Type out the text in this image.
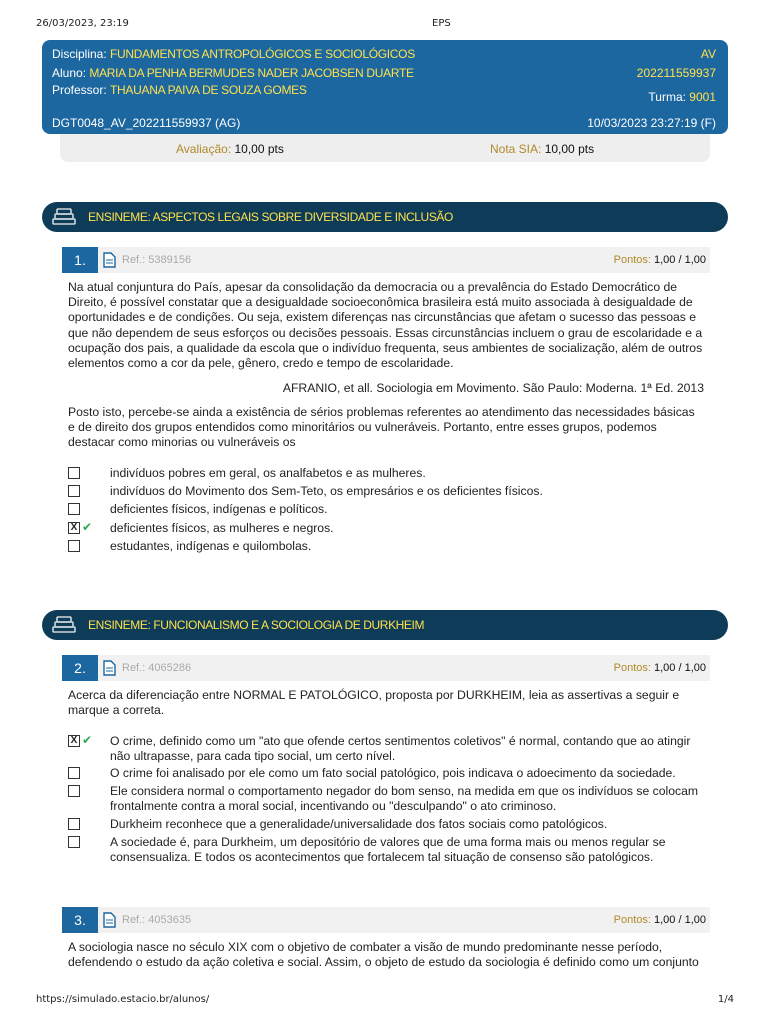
26/03/2023, 23:19	EPS
Disciplina: FUNDAMENTOS ANTROPOLÓGICOS E SOCIOLÓGICOS
Aluno: MARIA DA PENHA BERMUDES NADER JACOBSEN DUARTE
Professor: THAUANA PAIVA DE SOUZA GOMES
AV
202211559937
Turma: 9001
DGT0048_AV_202211559937 (AG)	10/03/2023 23:27:19 (F)
Avaliação: 10,00 pts	Nota SIA: 10,00 pts
ENSINEME: ASPECTOS LEGAIS SOBRE DIVERSIDADE E INCLUSÃO
1.	Ref.: 5389156	Pontos: 1,00 / 1,00
Na atual conjuntura do País, apesar da consolidação da democracia ou a prevalência do Estado Democrático de Direito, é possível constatar que a desigualdade socioeconômica brasileira está muito associada à desigualdade de oportunidades e de condições. Ou seja, existem diferenças nas circunstâncias que afetam o sucesso das pessoas e que não dependem de seus esforços ou decisões pessoais. Essas circunstâncias incluem o grau de escolaridade e a ocupação dos pais, a qualidade da escola que o indivíduo frequenta, seus ambientes de socialização, além de outros elementos como a cor da pele, gênero, credo e tempo de escolaridade.
AFRANIO, et all. Sociologia em Movimento. São Paulo: Moderna. 1ª Ed. 2013
Posto isto, percebe-se ainda a existência de sérios problemas referentes ao atendimento das necessidades básicas e de direito dos grupos entendidos como minoritários ou vulneráveis. Portanto, entre esses grupos, podemos destacar como minorias ou vulneráveis os
indivíduos pobres em geral, os analfabetos e as mulheres.
indivíduos do Movimento dos Sem-Teto, os empresários e os deficientes físicos.
deficientes físicos, indígenas e políticos.
X ✔ deficientes físicos, as mulheres e negros.
estudantes, indígenas e quilombolas.
ENSINEME: FUNCIONALISMO E A SOCIOLOGIA DE DURKHEIM
2.	Ref.: 4065286	Pontos: 1,00 / 1,00
Acerca da diferenciação entre NORMAL E PATOLÓGICO, proposta por DURKHEIM, leia as assertivas a seguir e marque a correta.
X ✔ O crime, definido como um "ato que ofende certos sentimentos coletivos" é normal, contando que ao atingir não ultrapasse, para cada tipo social, um certo nível.
O crime foi analisado por ele como um fato social patológico, pois indicava o adoecimento da sociedade.
Ele considera normal o comportamento negador do bom senso, na medida em que os indivíduos se colocam frontalmente contra a moral social, incentivando ou "desculpando" o ato criminoso.
Durkheim reconhece que a generalidade/universalidade dos fatos sociais como patológicos.
A sociedade é, para Durkheim, um depositório de valores que de uma forma mais ou menos regular se consensualiza. E todos os acontecimentos que fortalecem tal situação de consenso são patológicos.
3.	Ref.: 4053635	Pontos: 1,00 / 1,00
A sociologia nasce no século XIX com o objetivo de combater a visão de mundo predominante nesse período, defendendo o estudo da ação coletiva e social. Assim, o objeto de estudo da sociologia é definido como um conjunto
https://simulado.estacio.br/alunos/	1/4
